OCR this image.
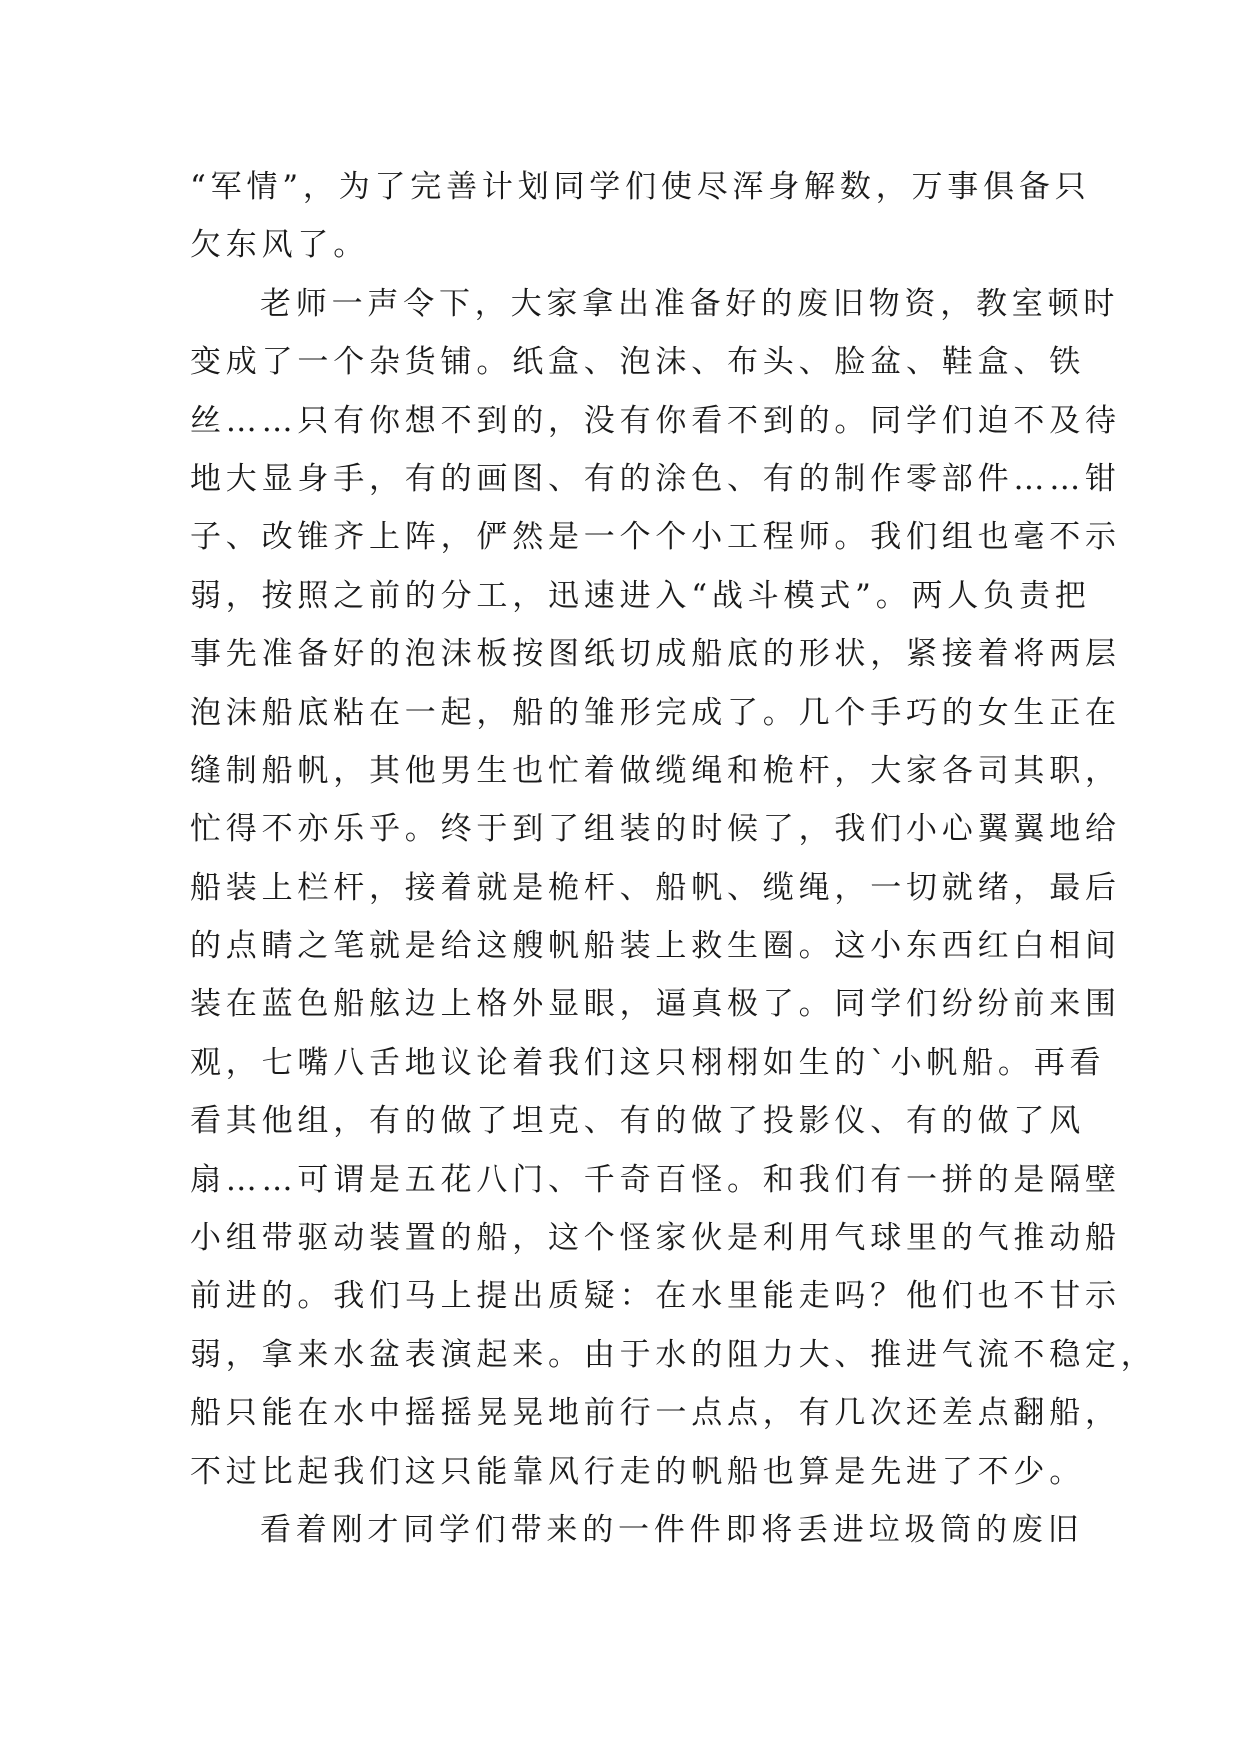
“军情”，为了完善计划同学们使尽浑身解数，万事俱备只
欠东风了。
老师一声令下，大家拿出准备好的废旧物资，教室顿时
变成了一个杂货铺。纸盒、泡沫、布头、脸盆、鞋盒、铁
丝……只有你想不到的，没有你看不到的。同学们迫不及待
地大显身手，有的画图、有的涂色、有的制作零部件……钳
子、改锥齐上阵，俨然是一个个小工程师。我们组也毫不示
弱，按照之前的分工，迅速进入“战斗模式”。两人负责把
事先准备好的泡沫板按图纸切成船底的形状，紧接着将两层
泡沫船底粘在一起，船的雏形完成了。几个手巧的女生正在
缝制船帆，其他男生也忙着做缆绳和桅杆，大家各司其职，
忙得不亦乐乎。终于到了组装的时候了，我们小心翼翼地给
船装上栏杆，接着就是桅杆、船帆、缆绳，一切就绪，最后
的点睛之笔就是给这艘帆船装上救生圈。这小东西红白相间
装在蓝色船舷边上格外显眼，逼真极了。同学们纷纷前来围
观，七嘴八舌地议论着我们这只栩栩如生的`小帆船。再看
看其他组，有的做了坦克、有的做了投影仪、有的做了风
扇……可谓是五花八门、千奇百怪。和我们有一拼的是隔壁
小组带驱动装置的船，这个怪家伙是利用气球里的气推动船
前进的。我们马上提出质疑：在水里能走吗？他们也不甘示
弱，拿来水盆表演起来。由于水的阻力大、推进气流不稳定，
船只能在水中摇摇晃晃地前行一点点，有几次还差点翻船，
不过比起我们这只能靠风行走的帆船也算是先进了不少。
看着刚才同学们带来的一件件即将丢进垃圾筒的废旧
